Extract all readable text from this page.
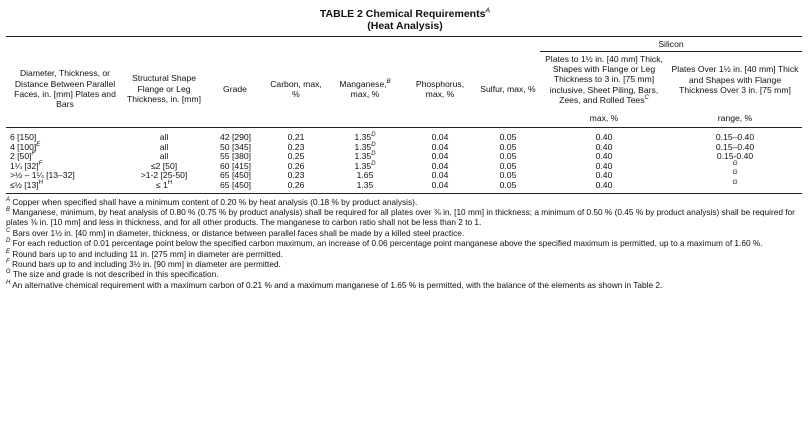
TABLE 2 Chemical Requirements$^A$
(Heat Analysis)
							Silicon	
Diameter, Thickness, or Distance Between Parallel Faces, in. [mm] Plates and Bars	Structural Shape Flange or Leg Thickness, in. [mm]	Grade	Carbon, max, %	Manganese,$^B$
max, %	Phosphorus, max, %	Sulfur, max, %	Plates to 1½ in. [40 mm] Thick, Shapes with Flange or Leg Thickness to 3 in. [75 mm] inclusive, Sheet Piling, Bars, Zees, and Rolled Tees$^C$	Plates Over 1½ in. [40 mm] Thick and Shapes with Flange Thickness Over 3 in. [75 mm]
							max, %	range, %

6 [150]	all	42 [290]	0.21	$1.35^D$	0.04	0.05	0.40	0.15–0.40
4 $[100]^E$	all	50 [345]	0.23	$1.35^D$	0.04	0.05	0.40	0.15–0.40
2 $[50]^F$	all	55 [380]	0.25	$1.35^D$	0.04	0.05	0.40	0.15-0.40
1¼ $[32]^F$	≤2 [50]	60 [415]	0.26	$1.35^D$	0.04	0.05	0.40	$^G$
>½ – 1¼ [13–32]	>1-2 [25-50]	65 [450]	0.23	1.65	0.04	0.05	0.40	$^G$
≤½ $[13]^H$	≤ $1^H$	65 [450]	0.26	1.35	0.04	0.05	0.40	$^G$

$^A$ Copper when specified shall have a minimum content of 0.20 % by heat analysis (0.18 % by product analysis).

$^B$ Manganese, minimum, by heat analysis of 0.80 % (0.75 % by product analysis) shall be required for all plates over ⅜ in. [10 mm] in thickness; a minimum of 0.50 % (0.45 % by product analysis) shall be required for plates ⅜ in. [10 mm] and less in thickness, and for all other products. The manganese to carbon ratio shall not be less than 2 to 1.

$^C$ Bars over 1½ in. [40 mm] in diameter, thickness, or distance between parallel faces shall be made by a killed steel practice.

$^D$ For each reduction of 0.01 percentage point below the specified carbon maximum, an increase of 0.06 percentage point manganese above the specified maximum is permitted, up to a maximum of 1.60 %.

$^E$ Round bars up to and including 11 in. [275 mm] in diameter are permitted.

$^F$ Round bars up to and including 3½ in. [90 mm] in diameter are permitted.

$^G$ The size and grade is not described in this specification.

$^H$ An alternative chemical requirement with a maximum carbon of 0.21 % and a maximum manganese of 1.65 % is permitted, with the balance of the elements as shown in Table 2.
